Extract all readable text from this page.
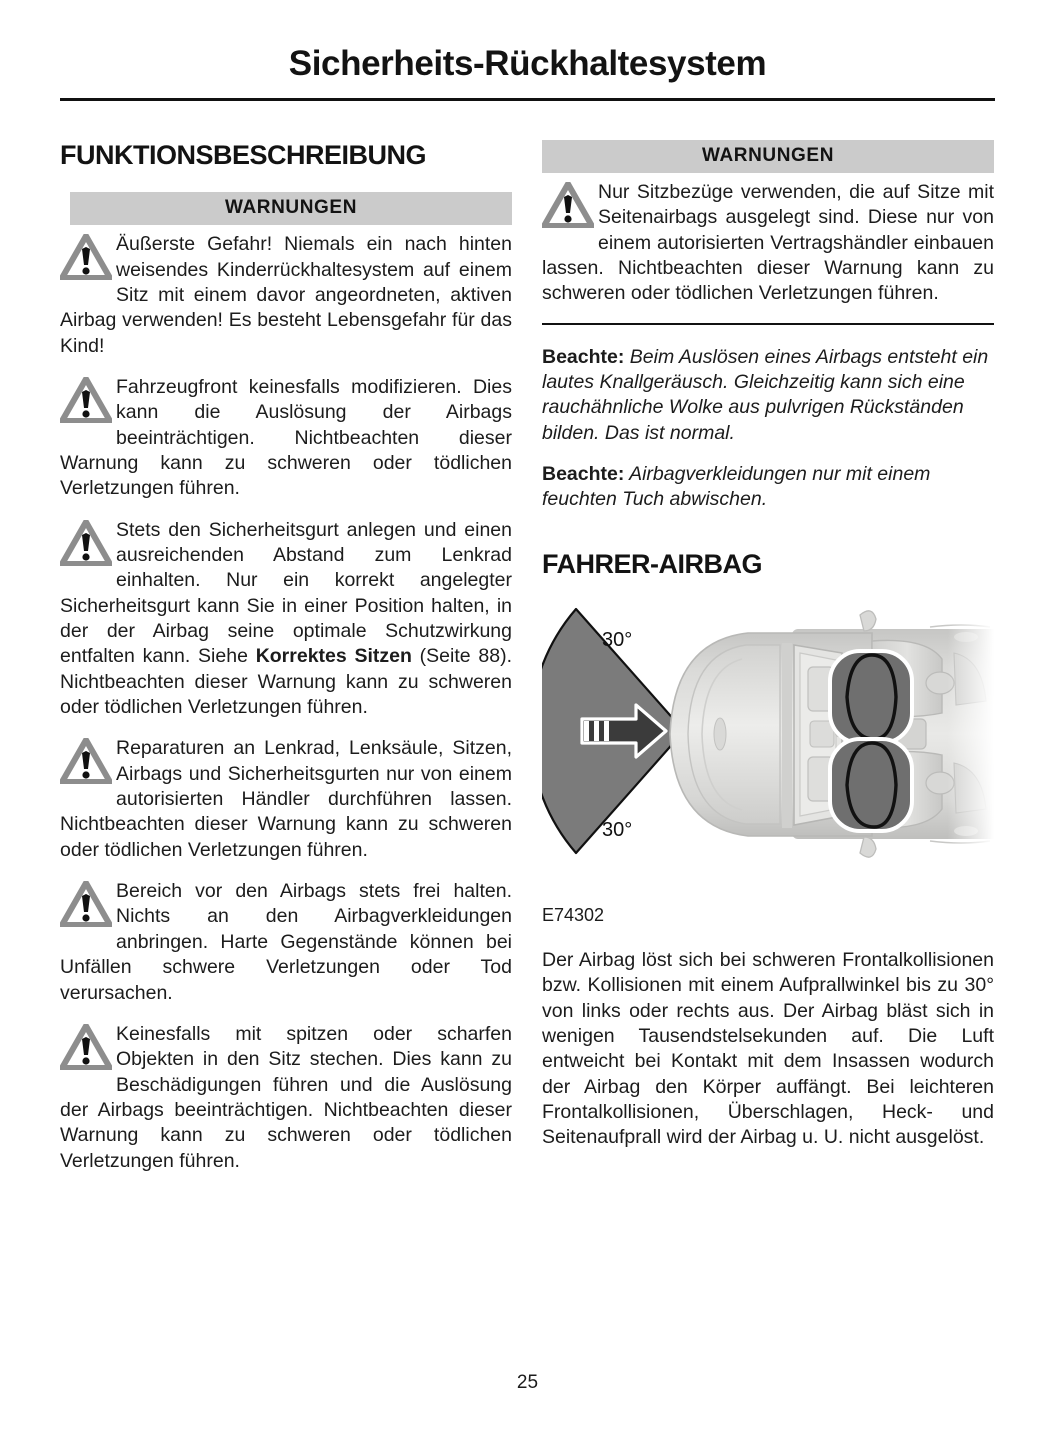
Sicherheits-Rückhaltesystem
FUNKTIONSBESCHREIBUNG
WARNUNGEN

Äußerste Gefahr! Niemals ein nach hinten weisendes Kinderrückhaltesystem auf einem Sitz mit einem davor angeordneten, aktiven Airbag verwenden! Es besteht Lebensgefahr für das Kind!

Fahrzeugfront keinesfalls modifizieren. Dies kann die Auslösung der Airbags beeinträchtigen. Nichtbeachten dieser Warnung kann zu schweren oder tödlichen Verletzungen führen.

Stets den Sicherheitsgurt anlegen und einen ausreichenden Abstand zum Lenkrad einhalten. Nur ein korrekt angelegter Sicherheitsgurt kann Sie in einer Position halten, in der der Airbag seine optimale Schutzwirkung entfalten kann. Siehe Korrektes Sitzen (Seite 88). Nichtbeachten dieser Warnung kann zu schweren oder tödlichen Verletzungen führen.

Reparaturen an Lenkrad, Lenksäule, Sitzen, Airbags und Sicherheitsgurten nur von einem autorisierten Händler durchführen lassen. Nichtbeachten dieser Warnung kann zu schweren oder tödlichen Verletzungen führen.

Bereich vor den Airbags stets frei halten. Nichts an den Airbagverkleidungen anbringen. Harte Gegenstände können bei Unfällen schwere Verletzungen oder Tod verursachen.

Keinesfalls mit spitzen oder scharfen Objekten in den Sitz stechen. Dies kann zu Beschädigungen führen und die Auslösung der Airbags beeinträchtigen. Nichtbeachten dieser Warnung kann zu schweren oder tödlichen Verletzungen führen.

WARNUNGEN

Nur Sitzbezüge verwenden, die auf Sitze mit Seitenairbags ausgelegt sind. Diese nur von einem autorisierten Vertragshändler einbauen lassen. Nichtbeachten dieser Warnung kann zu schweren oder tödlichen Verletzungen führen.

Beachte: Beim Auslösen eines Airbags entsteht ein lautes Knallgeräusch. Gleichzeitig kann sich eine rauchähnliche Wolke aus pulvrigen Rückständen bilden. Das ist normal.
Beachte: Airbagverkleidungen nur mit einem feuchten Tuch abwischen.
FAHRER-AIRBAG
30°
30°
E74302
Der Airbag löst sich bei schweren Frontalkollisionen bzw. Kollisionen mit einem Aufprallwinkel bis zu 30° von links oder rechts aus. Der Airbag bläst sich in wenigen Tausendstelsekunden auf. Die Luft entweicht bei Kontakt mit dem Insassen wodurch der Airbag den Körper auffängt. Bei leichteren Frontalkollisionen, Überschlagen, Heck- und Seitenaufprall wird der Airbag u. U. nicht ausgelöst.
25
